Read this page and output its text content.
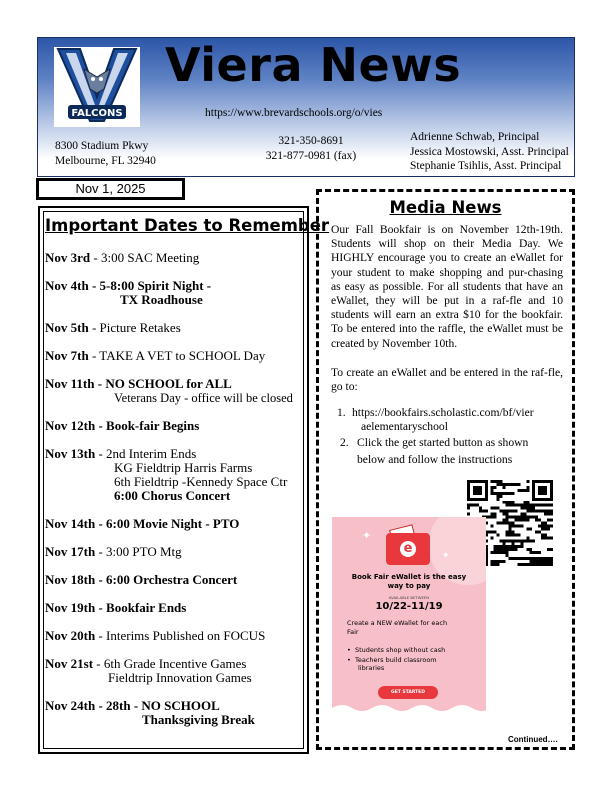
FALCONS
Viera News
https://www.brevardschools.org/o/vies
8300 Stadium Pkwy
Melbourne, FL 32940
321-350-8691
321-877-0981 (fax)
Adrienne Schwab, Principal
Jessica Mostowski, Asst. Principal
Stephanie Tsihlis, Asst. Principal
Nov 1, 2025
Important Dates to Remember
Nov 3rd - 3:00 SAC Meeting
Nov 4th - 5-8:00 Spirit Night -
TX Roadhouse
Nov 5th - Picture Retakes
Nov 7th - TAKE A VET to SCHOOL Day
Nov 11th - NO SCHOOL for ALL
Veterans Day - office will be closed
Nov 12th - Book-fair Begins
Nov 13th - 2nd Interim Ends
KG Fieldtrip Harris Farms
6th Fieldtrip -Kennedy Space Ctr
6:00 Chorus Concert
Nov 14th - 6:00 Movie Night - PTO
Nov 17th - 3:00 PTO Mtg
Nov 18th - 6:00 Orchestra Concert
Nov 19th - Bookfair Ends
Nov 20th - Interims Published on FOCUS
Nov 21st - 6th Grade Incentive Games
Fieldtrip Innovation Games
Nov 24th - 28th - NO SCHOOL
Thanksgiving Break
Media News
Our Fall Bookfair is on November 12th-19th. Students will shop on their Media Day. We HIGHLY encourage you to create an eWallet for your student to make shopping and pur-chasing as easy as possible. For all students that have an eWallet, they will be put in a raf-fle and 10 students will earn an extra $10 for the bookfair. To be entered into the raffle, the eWallet must be created by November 10th.
To create an eWallet and be entered in the raf-fle, go to:
1. https://bookfairs.scholastic.com/bf/vier
aelementaryschool
2. Click the get started button as shown
below and follow the instructions
✦
✦
e
Book Fair eWallet is the easy
way to pay
AVAILABLE BETWEEN
10/22-11/19
Create a NEW eWallet for each
Fair
•  Students shop without cash
•  Teachers build classroom
libraries
GET STARTED
Continued….
